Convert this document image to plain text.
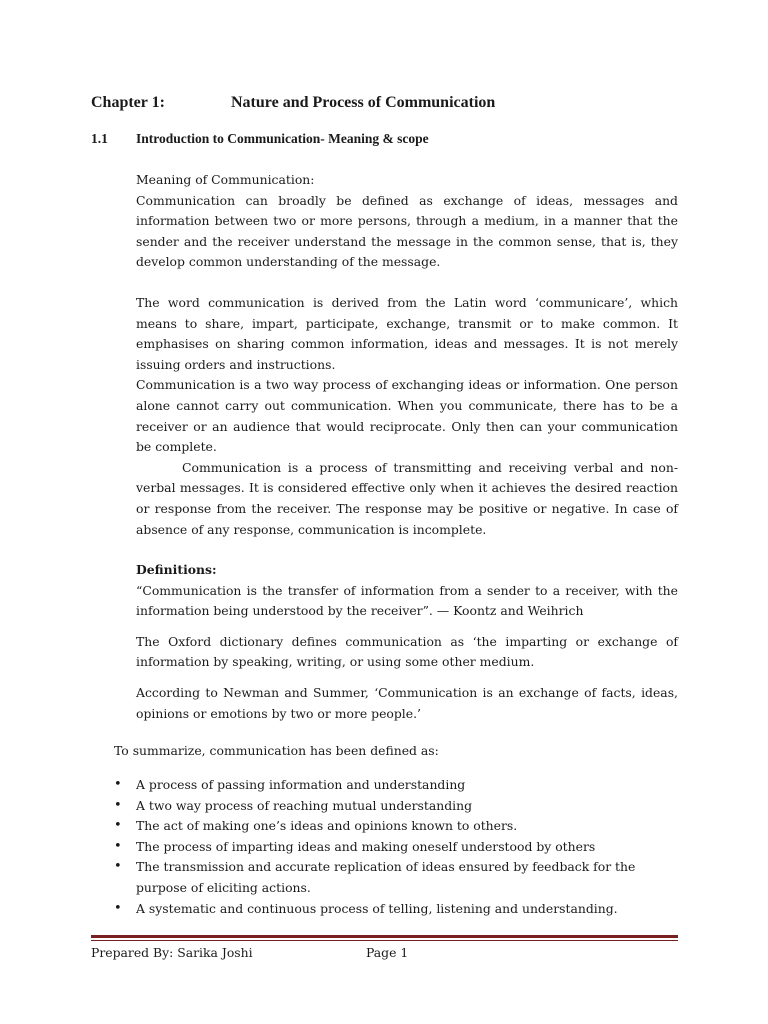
Chapter 1:	Nature and Process of Communication
1.1 Introduction to Communication- Meaning & scope

Meaning of Communication:

Communication can broadly be defined as exchange of ideas, messages and information between two or more persons, through a medium, in a manner that the sender and the receiver understand the message in the common sense, that is, they develop common understanding of the message.

The word communication is derived from the Latin word ‘communicare’, which means to share, impart, participate, exchange, transmit or to make common. It emphasises on sharing common information, ideas and messages. It is not merely issuing orders and instructions.

Communication is a two way process of exchanging ideas or information. One person alone cannot carry out communication. When you communicate, there has to be a receiver or an audience that would reciprocate. Only then can your communication be complete.

Communication is a process of transmitting and receiving verbal and non-verbal messages. It is considered effective only when it achieves the desired reaction or response from the receiver. The response may be positive or negative. In case of absence of any response, communication is incomplete.

Definitions:

“Communication is the transfer of information from a sender to a receiver, with the information being understood by the receiver”. — Koontz and Weihrich

The Oxford dictionary defines communication as ‘the imparting or exchange of information by speaking, writing, or using some other medium.

According to Newman and Summer, ‘Communication is an exchange of facts, ideas, opinions or emotions by two or more people.’

To summarize, communication has been defined as:
• A process of passing information and understanding
• A two way process of reaching mutual understanding
• The act of making one’s ideas and opinions known to others.
• The process of imparting ideas and making oneself understood by others
• The transmission and accurate replication of ideas ensured by feedback for the purpose of eliciting actions.
• A systematic and continuous process of telling, listening and understanding.
Prepared By: Sarika Joshi	Page 1
